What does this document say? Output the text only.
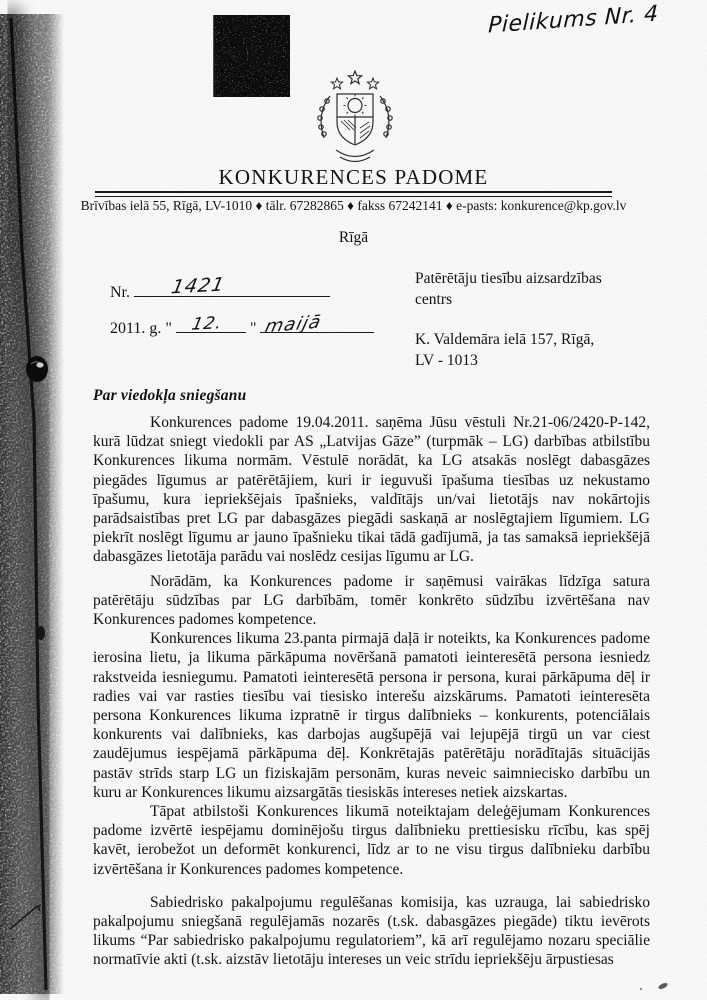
Pielikums Nr. 4
KONKURENCES PADOME
Brīvības ielā 55, Rīgā, LV-1010 ♦ tālr. 67282865 ♦ fakss 67242141 ♦ e-pasts: konkurence@kp.gov.lv
Rīgā
Nr. 1421
2011. g. " 12. " maijā
Patērētāju tiesību aizsardzības centrs
K. Valdemāra ielā 157, Rīgā,
LV - 1013
Par viedokļa sniegšanu

Konkurences padome 19.04.2011. saņēma Jūsu vēstuli Nr.21-06/2420-P-142, kurā lūdzat sniegt viedokli par AS „Latvijas Gāze” (turpmāk – LG) darbības atbilstību Konkurences likuma normām. Vēstulē norādāt, ka LG atsakās noslēgt dabasgāzes piegādes līgumus ar patērētājiem, kuri ir ieguvuši īpašuma tiesības uz nekustamo īpašumu, kura iepriekšējais īpašnieks, valdītājs un/vai lietotājs nav nokārtojis parādsaistības pret LG par dabasgāzes piegādi saskaņā ar noslēgtajiem līgumiem. LG piekrīt noslēgt līgumu ar jauno īpašnieku tikai tādā gadījumā, ja tas samaksā iepriekšējā dabasgāzes lietotāja parādu vai noslēdz cesijas līgumu ar LG.

Norādām, ka Konkurences padome ir saņēmusi vairākas līdzīga satura patērētāju sūdzības par LG darbībām, tomēr konkrēto sūdzību izvērtēšana nav Konkurences padomes kompetence.

Konkurences likuma 23.panta pirmajā daļā ir noteikts, ka Konkurences padome ierosina lietu, ja likuma pārkāpuma novēršanā pamatoti ieinteresētā persona iesniedz rakstveida iesniegumu. Pamatoti ieinteresētā persona ir persona, kurai pārkāpuma dēļ ir radies vai var rasties tiesību vai tiesisko interešu aizskārums. Pamatoti ieinteresēta persona Konkurences likuma izpratnē ir tirgus dalībnieks – konkurents, potenciālais konkurents vai dalībnieks, kas darbojas augšupējā vai lejupējā tirgū un var ciest zaudējumus iespējamā pārkāpuma dēļ. Konkrētajās patērētāju norādītajās situācijās pastāv strīds starp LG un fiziskajām personām, kuras neveic saimniecisko darbību un kuru ar Konkurences likumu aizsargātās tiesiskās intereses netiek aizskartas.

Tāpat atbilstoši Konkurences likumā noteiktajam deleģējumam Konkurences padome izvērtē iespējamu dominējošu tirgus dalībnieku prettiesisku rīcību, kas spēj kavēt, ierobežot un deformēt konkurenci, līdz ar to ne visu tirgus dalībnieku darbību izvērtēšana ir Konkurences padomes kompetence.

Sabiedrisko pakalpojumu regulēšanas komisija, kas uzrauga, lai sabiedrisko pakalpojumu sniegšanā regulējamās nozarēs (t.sk. dabasgāzes piegāde) tiktu ievērots likums “Par sabiedrisko pakalpojumu regulatoriem”, kā arī regulējamo nozaru speciālie normatīvie akti (t.sk. aizstāv lietotāju intereses un veic strīdu iepriekšēju ārpustiesas
